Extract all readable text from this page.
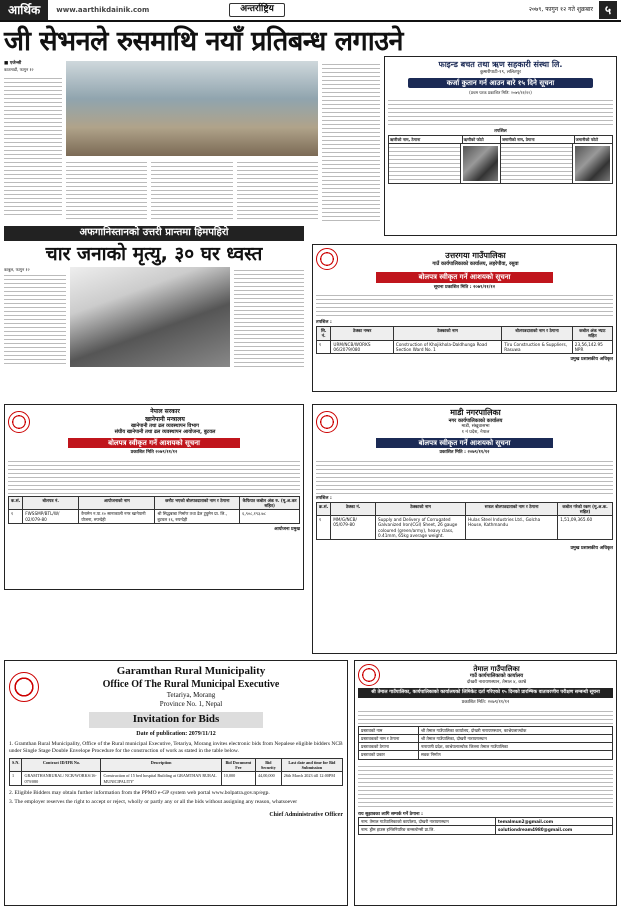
आर्थिक	www.aarthikdainik.com	अन्तर्राष्ट्रिय	२०७९, फागुन १२ गते शुक्रबार ५
जी सेभनले रुसमाथि नयाँ प्रतिबन्ध लगाउने
■ एजेन्सी
काठमाडौं, फागुन १२
अफगानिस्तानको उत्तरी प्रान्तमा हिमपहिरो
चार जनाको मृत्यु, ३० घर ध्वस्त
काबुल, फागुन १२
फाइन्ड बचत तथा ऋण सहकारी संस्था लि.
कुमारीपाटी-१९, ललितपुर
कर्जा कुतान गर्न आउन बारे १५ दिने सूचना
(प्रथम पटक प्रकाशित मिति: २०७९/११/१२)
तपशिल
ऋणीको नाम, ठेगाना	ऋणीको फोटो	जमानीको नाम, ठेगाना	जमानीको फोटो
उत्तरगया गाउँपालिका
गाउँ कार्यपालिकाको कार्यालय, लहरेपौवा, रसुवा
बोलपत्र स्वीकृत गर्ने आशयको सूचना
सूचना प्रकाशित मिति : २०७९/११/१२
तपशिल :
सि. नं.	ठेक्का नम्बर	ठेक्काको नाम	बोलपत्रदाताको नाम र ठेगाना	कबोल अंक भ्याट सहित
१	URM/NCB/WORKS 06/2079/080	Construction of Khojikhola-Daldhunga Road Section Ward No. 1	Tiru Construction & Suppliers, Rasuwa	23,56,142.95 NPR
प्रमुख प्रशासकीय अधिकृत
नेपाल सरकार
खानेपानी मन्त्रालय
खानेपानी तथा ढल व्यवस्थापन विभाग
संघीय खानेपानी तथा ढल व्यवस्थापन आयोजना, बुटवल
बोलपत्र स्वीकृत गर्ने आशयको सूचना
प्रकाशित मिति २०७९/११/१२
क.सं.	बोलपत्र नं.	आयोजनाको नाम	छनौट भएको बोलपत्रदाताको नाम र ठेगाना	कैफियत कबोल अंक रु. (मू.अ.कर सहित)
१	FWSSMP/BTL/W/ 02/079-80	वैनामेन न.पा.१० सानाकाली नगर खानेपानी योजना, रुपन्देही	श्री सिद्धबाबा निर्माण तथा ढेल टुवुमेन प्रा. लि., बुटवल १६, रुपन्देही	६,९०८,१९३.७८
आयोजना प्रमुख
माडी नगरपालिका
नगर कार्यपालिकाको कार्यालय
माडी, संखुवासभा
१ नं प्रदेश, नेपाल
बोलपत्र स्वीकृत गर्ने आशयको सूचना
प्रकाशित मिति : २०७९/११/१२
तपशिल :
क्र.सं.	ठेक्का नं.	ठेक्काको नाम	सफल बोलपत्रदाताको नाम र ठेगाना	कबोल गरेको रकम (मू.अ.क. सहित)
१	MM/G/NCB/ 05/079-80	Supply and Delivery of Corrugated Galvanized Iron(CGI) Sheet, 26 gauge coloured (green/army), heavy class, 0.41mm, 65kg average weight.	Hulas Steel Industries Ltd., Golcha House, Kathmandu	1,51,09,365.60
प्रमुख प्रशासकीय अधिकृत
Garamthan Rural Municipality
Office Of The Rural Municipal Executive
Tetariya, Morang
Province No. 1, Nepal
Invitation for Bids
Date of publication: 2079/11/12
1. Gramthan Rural Municipality, Office of the Rural municipal Executive, Tetariya, Morang invites electronic bids from Nepalese eligible bidders NCB under Single Stage Double Envelope Procedure for the construction of work as stated in the table below.
S.N.	Contract ID/IFB No.	Description	Bid Document Fee	Bid Security	Last date and time for Bid Submission
1	GRAMTHANRURAL/ NCB/WORKS/16-079/080	Construction of 15 bed hospital Building at GRAMTHAN RURAL MUNICIPALITY'	10,000	44,00,000	26th March 2023 till 12:00PM
2. Eligible Bidders may obtain further information from the PPMO e-GP system web portal www.bolpatra.gov.np/egp.
3. The employer reserves the right to accept or reject, wholly or partly any or all the bids without assigning any reason, whatsoever
Chief Administrative Officer
तेमाल गाउँपालिका
गाउँ कार्यपालिकाको कार्यालय
दोखरी नारायणस्थान, तेमाल ४, काभ्रे
श्री तेमाल गाउँपालिका, कार्यपालिकाको कार्यालयको लिमिकेट दर्ता गरिएको १५ दिनको प्रारम्भिक वातावरणीय परीक्षण सम्बन्धी सूचना
प्रकाशित मिति: २०७९/११/१२
प्रस्तावको नाम	श्री तेमाल गाउँपालिका कार्यालय, दोखरी नारायणस्थान, काभ्रेपलाञ्चोक
प्रस्तावकको नाम र ठेगाना	श्री तेमाल गाउँपालिका, दोखरी नारायणस्थान
प्रस्तावकको ठेगाना	नारायणी प्रदेश, काभ्रेपलाञ्चोक जिल्ला तेमाल गाउँपालिका
प्रस्तावको प्रकार	सडक निर्माण
राय सुझावका लागि सम्पर्क गर्ने ठेगाना :
नाम: तेमाल गाउँपालिकाको कार्यालय, दोखरी नारायणस्थान	temalmun2@gmail.com
नाम: ड्रीम हाउस इन्जिनियरिङ कन्सल्टेन्सी प्रा.लि.	solutiondream4980@gmail.com
